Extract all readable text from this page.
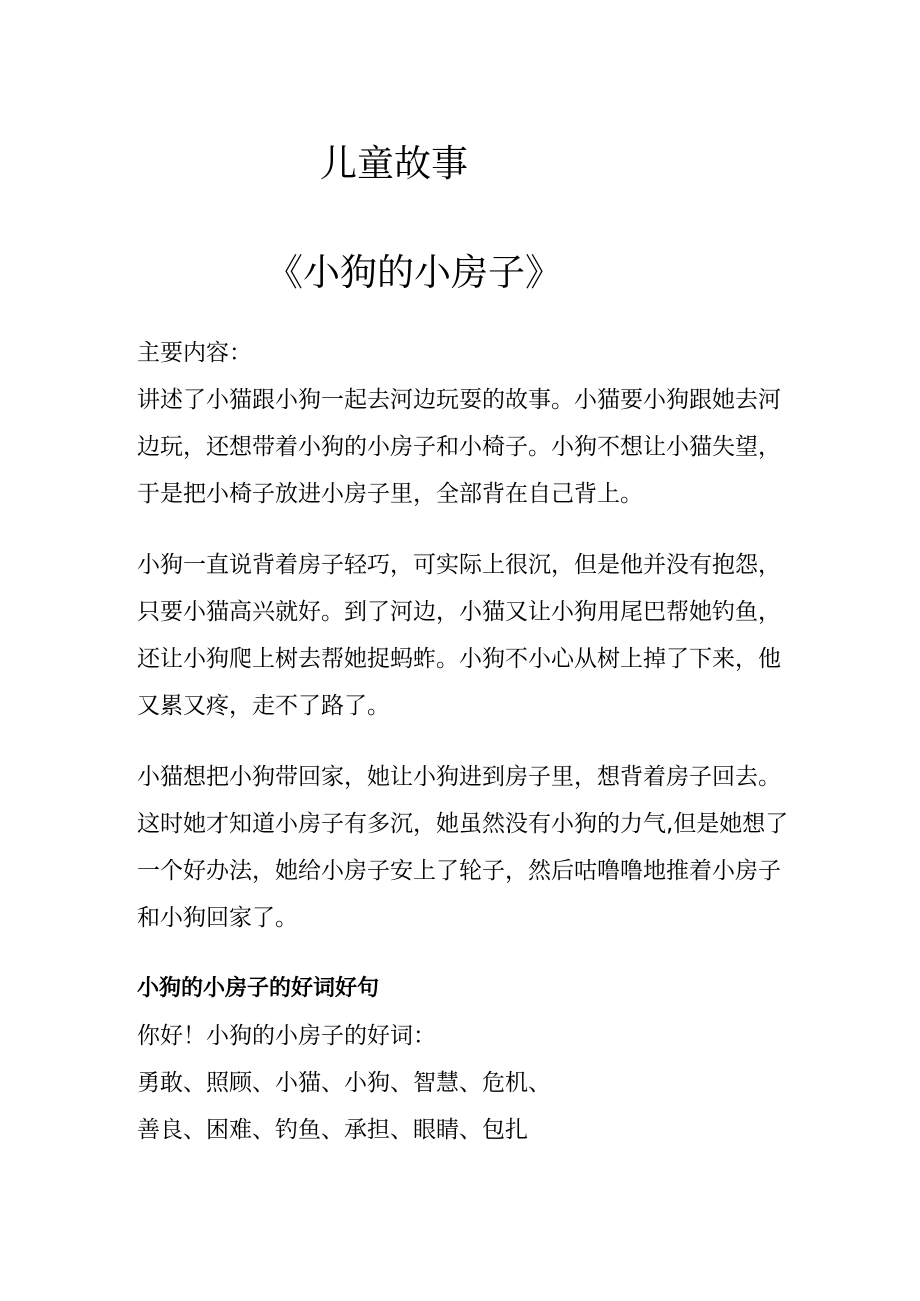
儿童故事
《小狗的小房子》
主要内容：
讲述了小猫跟小狗一起去河边玩耍的故事。小猫要小狗跟她去河
边玩，还想带着小狗的小房子和小椅子。小狗不想让小猫失望，
于是把小椅子放进小房子里，全部背在自己背上。
小狗一直说背着房子轻巧，可实际上很沉，但是他并没有抱怨，
只要小猫高兴就好。到了河边，小猫又让小狗用尾巴帮她钓鱼，
还让小狗爬上树去帮她捉蚂蚱。小狗不小心从树上掉了下来，他
又累又疼，走不了路了。
小猫想把小狗带回家，她让小狗进到房子里，想背着房子回去。
这时她才知道小房子有多沉，她虽然没有小狗的力气,但是她想了
一个好办法，她给小房子安上了轮子，然后咕噜噜地推着小房子
和小狗回家了。
小狗的小房子的好词好句
你好！小狗的小房子的好词：
勇敢、照顾、小猫、小狗、智慧、危机、
善良、困难、钓鱼、承担、眼睛、包扎
